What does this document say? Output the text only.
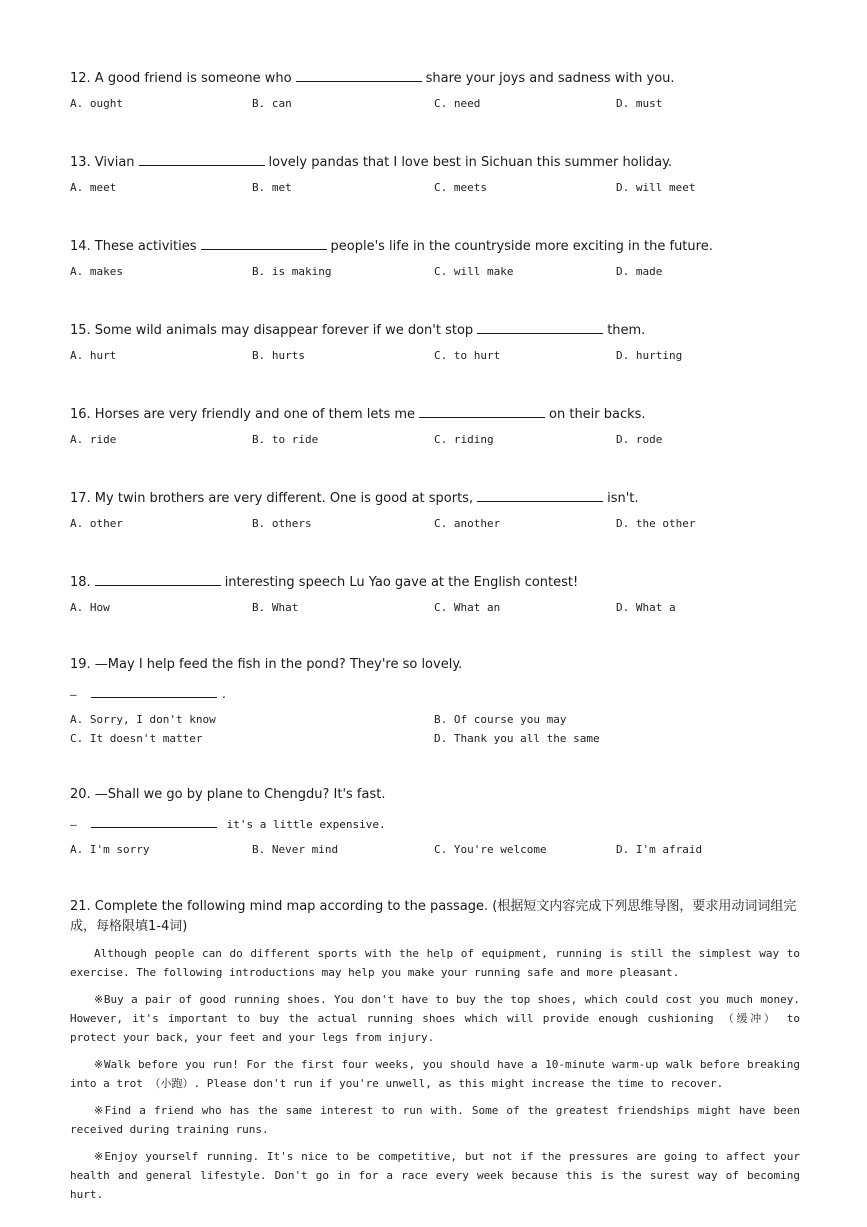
12. A good friend is someone who	share your joys and sadness with you.
A. ought	B. can	C. need	D. must
13. Vivian	lovely pandas that I love best in Sichuan this summer holiday.
A. meet	B. met	C. meets	D. will meet
14. These activities	people's life in the countryside more exciting in the future.
A. makes	B. is making	C. will make	D. made
15. Some wild animals may disappear forever if we don't stop	them.
A. hurt	B. hurts	C. to hurt	D. hurting
16. Horses are very friendly and one of them lets me	on their backs.
A. ride	B. to ride	C. riding	D. rode
17. My twin brothers are very different. One is good at sports,	isn't.
A. other	B. others	C. another	D. the other
18.	interesting speech Lu Yao gave at the English contest!
A. How	B. What	C. What an	D. What a
19. —May I help feed the fish in the pond? They're so lovely.
—	.
A. Sorry, I don't know	B. Of course you may
C. It doesn't matter	D. Thank you all the same
20. —Shall we go by plane to Chengdu? It's fast.
—	it's a little expensive.
A. I'm sorry	B. Never mind	C. You're welcome	D. I'm afraid
21. Complete the following mind map according to the passage. (根据短文内容完成下列思维导图，要求用动词词组完成，每格限填1-4词)
Although people can do different sports with the help of equipment, running is still the simplest way to exercise. The following introductions may help you make your running safe and more pleasant.
※Buy a pair of good running shoes. You don't have to buy the top shoes, which could cost you much money. However, it's important to buy the actual running shoes which will provide enough cushioning （缓冲） to protect your back, your feet and your legs from injury.
※Walk before you run! For the first four weeks, you should have a 10-minute warm-up walk before breaking into a trot （小跑）. Please don't run if you're unwell, as this might increase the time to recover.
※Find a friend who has the same interest to run with. Some of the greatest friendships might have been received during training runs.
※Enjoy yourself running. It's nice to be competitive, but not if the pressures are going to affect your health and general lifestyle. Don't go in for a race every week because this is the surest way of becoming hurt.
